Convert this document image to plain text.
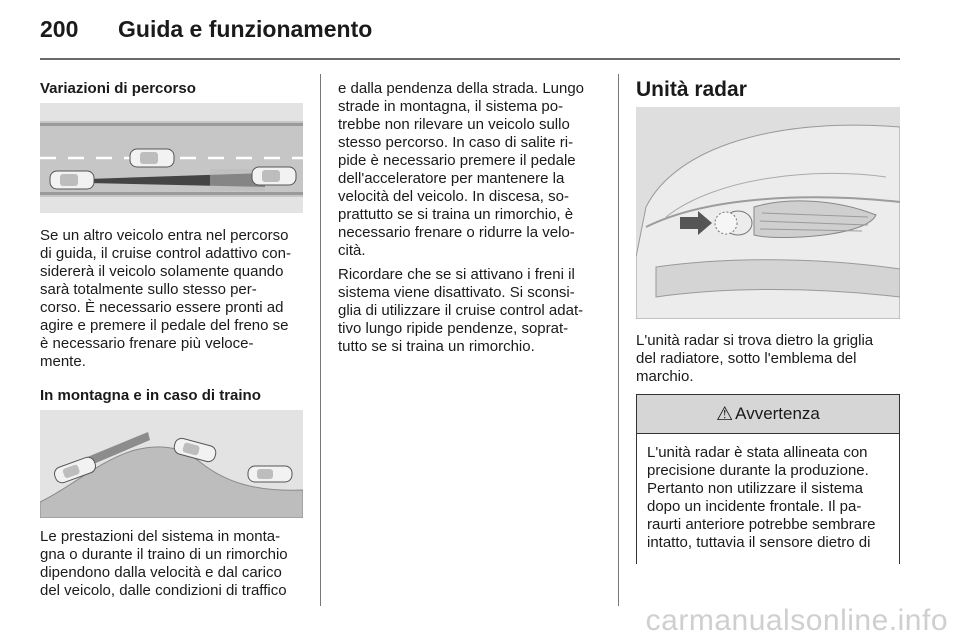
200 Guida e funzionamento
Variazioni di percorso

Se un altro veicolo entra nel percorso
di guida, il cruise control adattivo con-
sidererà il veicolo solamente quando
sarà totalmente sullo stesso per-
corso. È necessario essere pronti ad
agire e premere il pedale del freno se
è necessario frenare più veloce-
mente.

In montagna e in caso di traino

Le prestazioni del sistema in monta-
gna o durante il traino di un rimorchio
dipendono dalla velocità e dal carico
del veicolo, dalle condizioni di traffico

e dalla pendenza della strada. Lungo
strade in montagna, il sistema po-
trebbe non rilevare un veicolo sullo
stesso percorso. In caso di salite ri-
pide è necessario premere il pedale
dell'acceleratore per mantenere la
velocità del veicolo. In discesa, so-
prattutto se si traina un rimorchio, è
necessario frenare o ridurre la velo-
cità.

Ricordare che se si attivano i freni il
sistema viene disattivato. Si sconsi-
glia di utilizzare il cruise control adat-
tivo lungo ripide pendenze, soprat-
tutto se si traina un rimorchio.

Unità radar

L'unità radar si trova dietro la griglia
del radiatore, sotto l'emblema del
marchio.

⚠ Avvertenza
L'unità radar è stata allineata con
precisione durante la produzione.
Pertanto non utilizzare il sistema
dopo un incidente frontale. Il pa-
raurti anteriore potrebbe sembrare
intatto, tuttavia il sensore dietro di
carmanualsonline.info
